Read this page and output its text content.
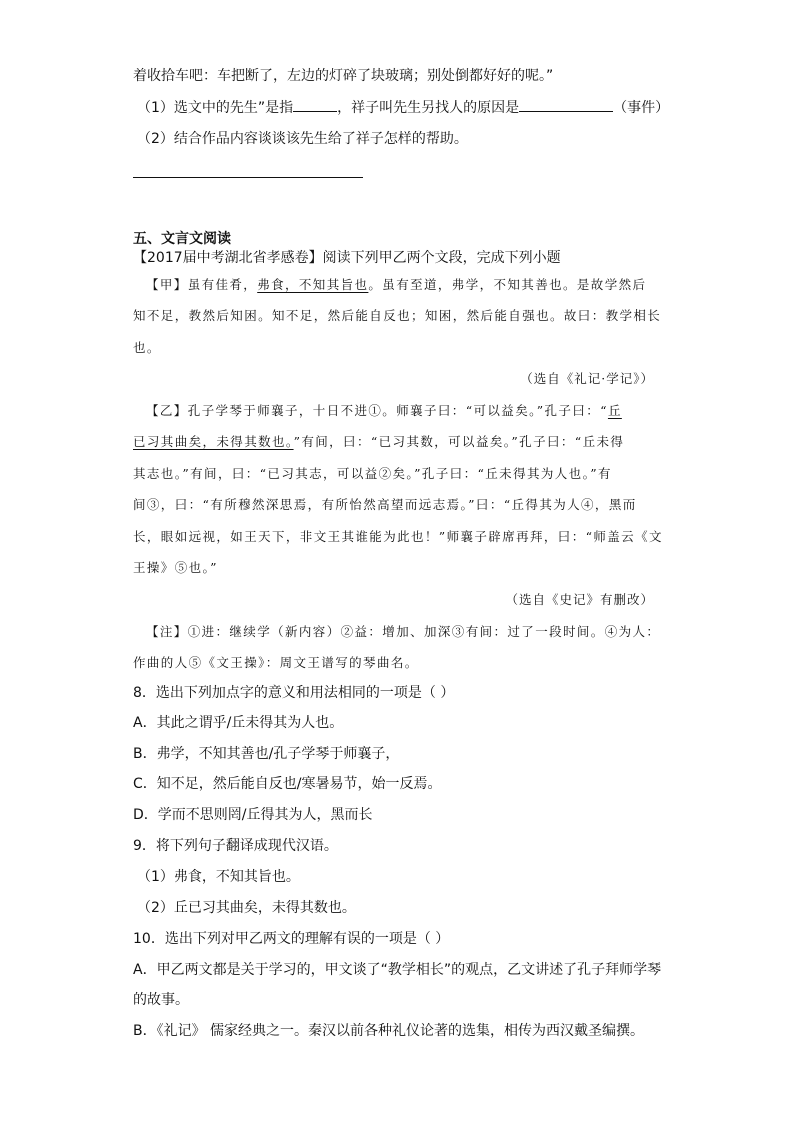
着收拾车吧：车把断了，左边的灯碎了块玻璃；别处倒都好好的呢。”
（1）选文中的先生”是指	，祥子叫先生另找人的原因是	（事件）
（2）结合作品内容谈谈该先生给了祥子怎样的帮助。
五、文言文阅读
【2017届中考湖北省孝感卷】阅读下列甲乙两个文段，完成下列小题
【甲】虽有佳肴，弗食，不知其旨也。虽有至道，弗学，不知其善也。是故学然后
知不足，教然后知困。知不足，然后能自反也；知困，然后能自强也。故曰：教学相长
也。
（选自《礼记·学记》）
【乙】孔子学琴于师襄子，十日不进①。师襄子曰：“可以益矣。”孔子曰：“丘
已习其曲矣，未得其数也。”有间，曰：“已习其数，可以益矣。”孔子曰：“丘未得
其志也。”有间，曰：“已习其志，可以益②矣。”孔子曰：“丘未得其为人也。”有
间③，曰：“有所穆然深思焉，有所怡然高望而远志焉。”曰：“丘得其为人④，黑而
长，眼如远视，如王天下，非文王其谁能为此也！”师襄子辟席再拜，曰：“师盖云《文
王操》⑤也。”
（选自《史记》有删改）
【注】①进：继续学（新内容）②益：增加、加深③有间：过了一段时间。④为人：
作曲的人⑤《文王操》：周文王谱写的琴曲名。
8．选出下列加点字的意义和用法相同的一项是（ ）
A．其此之谓乎/丘未得其为人也。
B．弗学，不知其善也/孔子学琴于师襄子，
C．知不足，然后能自反也/寒暑易节，始一反焉。
D．学而不思则罔/丘得其为人，黑而长
9．将下列句子翻译成现代汉语。
（1）弗食，不知其旨也。
（2）丘已习其曲矣，未得其数也。
10．选出下列对甲乙两文的理解有误的一项是（ ）
A．甲乙两文都是关于学习的，甲文谈了“教学相长”的观点，乙文讲述了孔子拜师学琴
的故事。
B．《礼记》 儒家经典之一。秦汉以前各种礼仪论著的选集，相传为西汉戴圣编撰。
